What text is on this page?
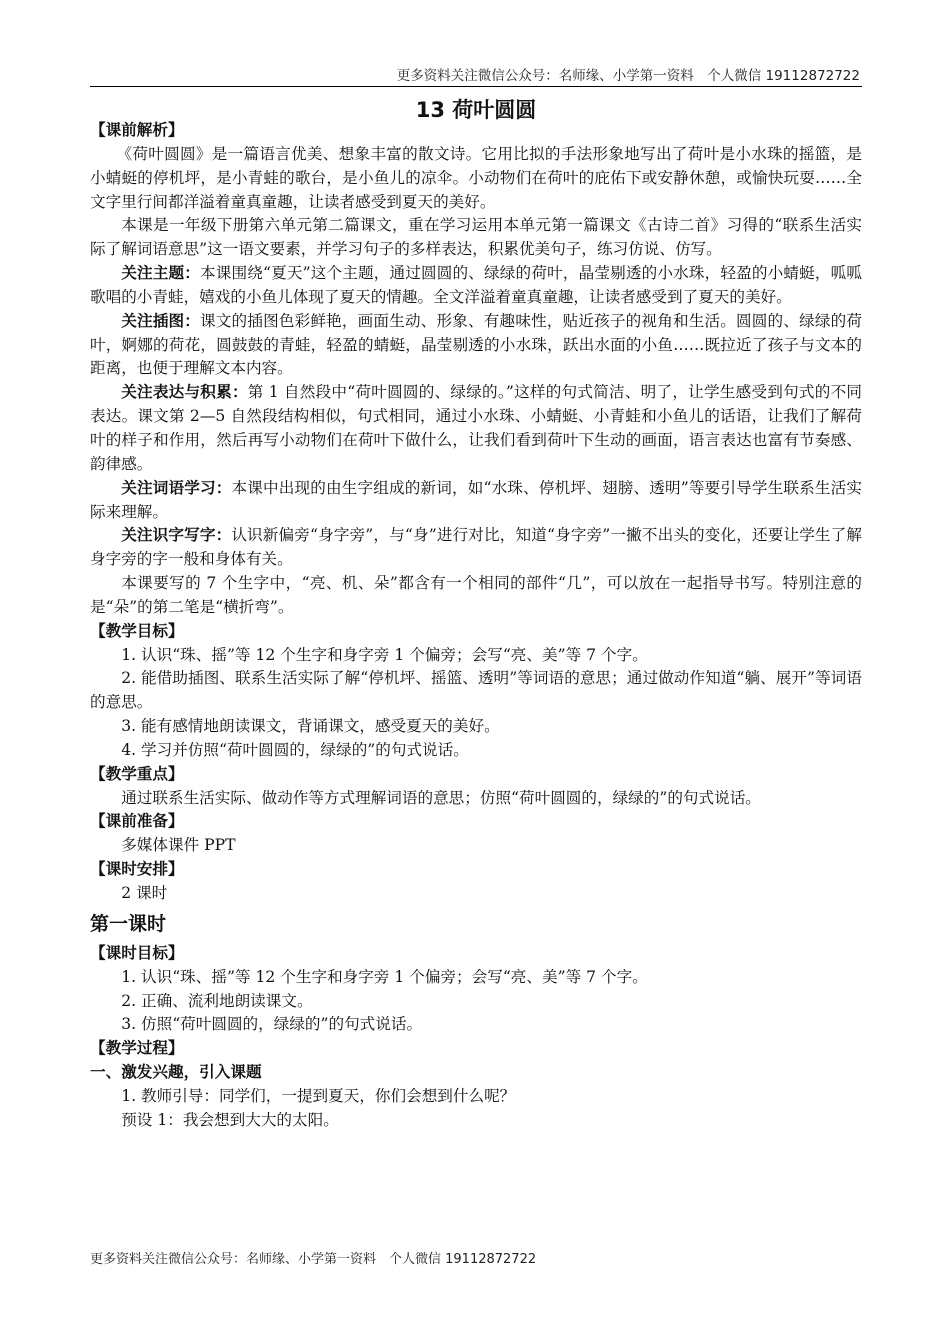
更多资料关注微信公众号：名师缘、小学第一资料　个人微信 19112872722
13 荷叶圆圆

【课前解析】

《荷叶圆圆》是一篇语言优美、想象丰富的散文诗。它用比拟的手法形象地写出了荷叶是小水珠的摇篮，是小蜻蜓的停机坪，是小青蛙的歌台，是小鱼儿的凉伞。小动物们在荷叶的庇佑下或安静休憩，或愉快玩耍……全文字里行间都洋溢着童真童趣，让读者感受到夏天的美好。

本课是一年级下册第六单元第二篇课文，重在学习运用本单元第一篇课文《古诗二首》习得的“联系生活实际了解词语意思”这一语文要素，并学习句子的多样表达，积累优美句子，练习仿说、仿写。

关注主题：本课围绕“夏天”这个主题，通过圆圆的、绿绿的荷叶，晶莹剔透的小水珠，轻盈的小蜻蜓，呱呱歌唱的小青蛙，嬉戏的小鱼儿体现了夏天的情趣。全文洋溢着童真童趣，让读者感受到了夏天的美好。

关注插图：课文的插图色彩鲜艳，画面生动、形象、有趣味性，贴近孩子的视角和生活。圆圆的、绿绿的荷叶，婀娜的荷花，圆鼓鼓的青蛙，轻盈的蜻蜓，晶莹剔透的小水珠，跃出水面的小鱼……既拉近了孩子与文本的距离，也便于理解文本内容。

关注表达与积累：第 1 自然段中“荷叶圆圆的、绿绿的。”这样的句式简洁、明了，让学生感受到句式的不同表达。课文第 2—5 自然段结构相似，句式相同，通过小水珠、小蜻蜓、小青蛙和小鱼儿的话语，让我们了解荷叶的样子和作用，然后再写小动物们在荷叶下做什么，让我们看到荷叶下生动的画面，语言表达也富有节奏感、韵律感。

关注词语学习：本课中出现的由生字组成的新词，如“水珠、停机坪、翅膀、透明”等要引导学生联系生活实际来理解。

关注识字写字：认识新偏旁“身字旁”，与“身”进行对比，知道“身字旁”一撇不出头的变化，还要让学生了解身字旁的字一般和身体有关。

本课要写的 7 个生字中，“亮、机、朵”都含有一个相同的部件“几”，可以放在一起指导书写。特别注意的是“朵”的第二笔是“横折弯”。

【教学目标】

1. 认识“珠、摇”等 12 个生字和身字旁 1 个偏旁；会写“亮、美”等 7 个字。

2. 能借助插图、联系生活实际了解“停机坪、摇篮、透明”等词语的意思；通过做动作知道“躺、展开”等词语的意思。

3. 能有感情地朗读课文，背诵课文，感受夏天的美好。

4. 学习并仿照“荷叶圆圆的，绿绿的”的句式说话。

【教学重点】

通过联系生活实际、做动作等方式理解词语的意思；仿照“荷叶圆圆的，绿绿的”的句式说话。

【课前准备】

多媒体课件 PPT

【课时安排】

2 课时

第一课时

【课时目标】

1. 认识“珠、摇”等 12 个生字和身字旁 1 个偏旁；会写“亮、美”等 7 个字。

2. 正确、流利地朗读课文。

3. 仿照“荷叶圆圆的，绿绿的”的句式说话。

【教学过程】

一、激发兴趣，引入课题

1. 教师引导：同学们，一提到夏天，你们会想到什么呢？

预设 1：我会想到大大的太阳。

更多资料关注微信公众号：名师缘、小学第一资料　个人微信 19112872722
